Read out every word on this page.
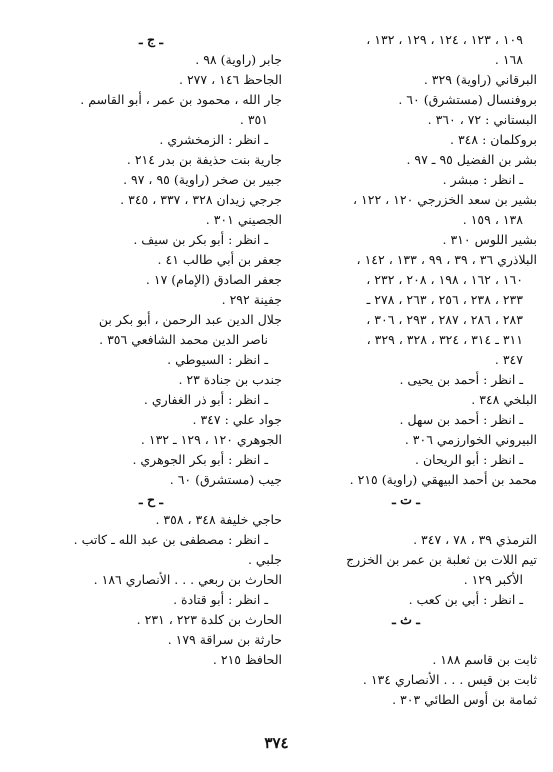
١٠٩ ، ١٢٣ ، ١٢٤ ، ١٢٩ ، ١٣٢ ،
١٦٨ .
البرقاني (راوية) ٣٢٩ .
بروفنسال (مستشرق) ٦٠ .
البستاني : ٧٢ ، ٣٦٠ .
بروكلمان : ٣٤٨ .
بشر بن الفضيل ٩٥ ـ ٩٧ .
ـ انظر : مبشر .
بشير بن سعد الخزرجي ١٢٠ ، ١٢٢ ،
١٣٨ ، ١٥٩ .
بشير اللوس ٣١٠ .
البلاذري ٣٦ ، ٣٩ ، ٩٩ ، ١٣٣ ، ١٤٢ ،
١٦٠ ، ١٦٢ ، ١٩٨ ، ٢٠٨ ، ٢٣٢ ،
٢٣٣ ، ٢٣٨ ، ٢٥٦ ، ٢٦٣ ، ٢٧٨ ـ
٢٨٣ ، ٢٨٦ ، ٢٨٧ ، ٢٩٣ ، ٣٠٦ ،
٣١١ ـ ٣١٤ ، ٣٢٤ ، ٣٢٨ ، ٣٢٩ ،
٣٤٧ .
ـ انظر : أحمد بن يحيى .
البلخي ٣٤٨ .
ـ انظر : أحمد بن سهل .
البيروني الخوارزمي ٣٠٦ .
ـ انظر : أبو الريحان .
محمد بن أحمد البيهقي (راوية) ٢١٥ .
ـ ت ـ
الترمذي ٣٩ ، ٧٨ ، ٣٤٧ .
تيم اللات بن ثعلبة بن عمر بن الخزرج
الأكبر ١٢٩ .
ـ انظر : أبي بن كعب .
ـ ث ـ
ثابت بن قاسم ١٨٨ .
ثابت بن قيس . . . الأنصاري ١٣٤ .
ثمامة بن أوس الطائي ٣٠٣ .
ـ ج ـ
جابر (راوية) ٩٨ .
الجاحظ ١٤٦ ، ٢٧٧ .
جار الله ، محمود بن عمر ، أبو القاسم .
٣٥١ .
ـ انظر : الزمخشري .
جارية بنت حذيفة بن بدر ٢١٤ .
جبير بن صخر (راوية) ٩٥ ، ٩٧ .
جرجي زيدان ٣٢٨ ، ٣٣٧ ، ٣٤٥ .
الجصيني ٣٠١ .
ـ انظر : أبو بكر بن سيف .
جعفر بن أبي طالب ٤١ .
جعفر الصادق (الإمام) ١٧ .
جفينة ٢٩٢ .
جلال الدين عبد الرحمن ، أبو بكر بن
ناصر الدين محمد الشافعي ٣٥٦ .
ـ انظر : السيوطي .
جندب بن جنادة ٢٣ .
ـ انظر : أبو ذر الغفاري .
جواد علي : ٣٤٧ .
الجوهري ١٢٠ ، ١٢٩ ـ ١٣٢ .
ـ انظر : أبو بكر الجوهري .
جيب (مستشرق) ٦٠ .
ـ ح ـ
حاجي خليفة ٣٤٨ ، ٣٥٨ .
ـ انظر : مصطفى بن عبد الله ـ كاتب .
جلبي .
الحارث بن ربعي . . . الأنصاري ١٨٦ .
ـ انظر : أبو قتادة .
الحارث بن كلدة ٢٢٣ ، ٢٣١ .
حارثة بن سراقة ١٧٩ .
الحافظ ٢١٥ .
٣٧٤
